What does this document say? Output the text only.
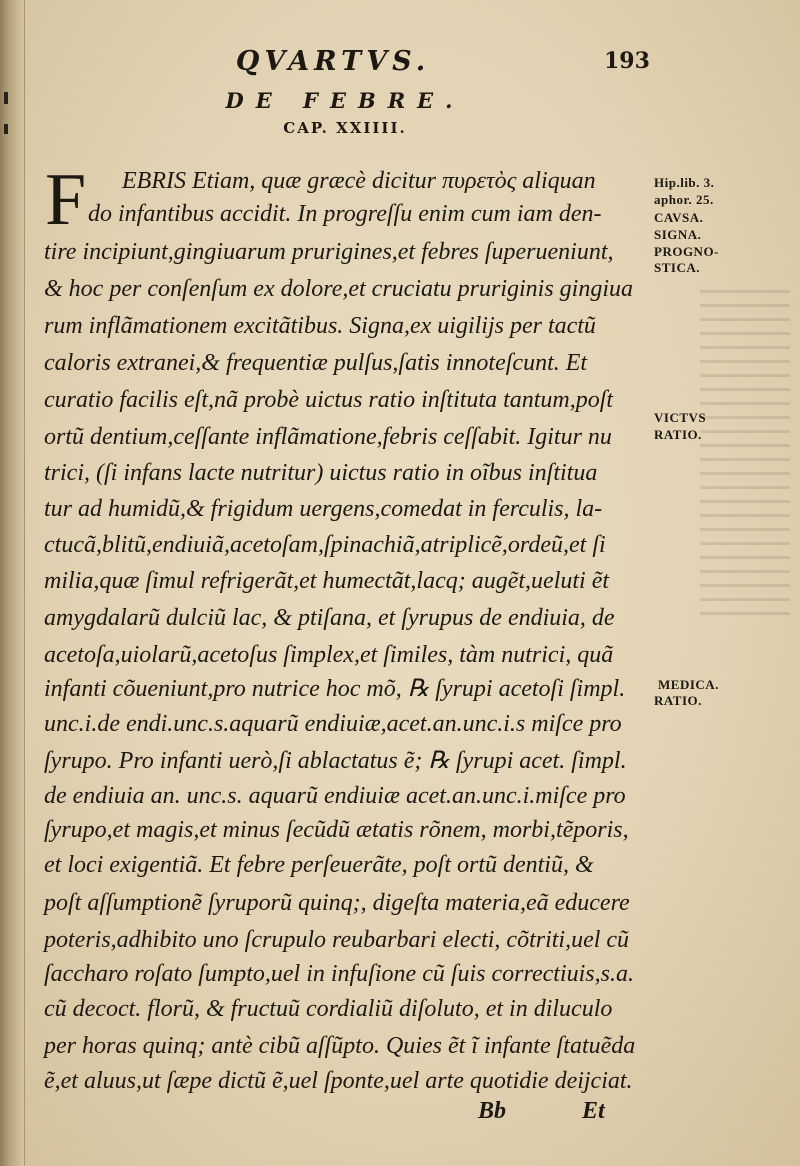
QVARTVS.	193
DE FEBRE.
CAP. XXIIII.
F EBRIS Etiam, quæ græcè dicitur πυρετὸς aliquan
do infantibus accidit. In progreſſu enim cum iam den-
tire incipiunt,gingiuarum prurigines,et febres ſuperueniunt,
& hoc per conſenſum ex dolore,et cruciatu pruriginis gingiua
rum inflãmationem excitãtibus. Signa,ex uigilijs per tactũ
caloris extranei,& frequentiæ pulſus,ſatis innoteſcunt. Et
curatio facilis eſt,nã probè uictus ratio inſtituta tantum,poſt
ortũ dentium,ceſſante inflãmatione,febris ceſſabit. Igitur nu
trici, (ſi infans lacte nutritur) uictus ratio in oĩbus inſtitua
tur ad humidũ,& frigidum uergens,comedat in ferculis, la-
ctucã,blitũ,endiuiã,acetoſam,ſpinachiã,atriplicẽ,ordeũ,et ſi
milia,quæ ſimul refrigerãt,et humectãt,lacq; augẽt,ueluti ẽt
amygdalarũ dulciũ lac, & ptiſana, et ſyrupus de endiuia, de
acetoſa,uiolarũ,acetoſus ſimplex,et ſimiles, tàm nutrici, quã
infanti cõueniunt,pro nutrice hoc mõ, ℞ ſyrupi acetoſi ſimpl.
unc.i.de endi.unc.s.aquarũ endiuiæ,acet.an.unc.i.s miſce pro
ſyrupo. Pro infanti uerò,ſi ablactatus ẽ; ℞ ſyrupi acet. ſimpl.
de endiuia an. unc.s. aquarũ endiuiæ acet.an.unc.i.miſce pro
ſyrupo,et magis,et minus ſecũdũ ætatis rõnem, morbi,tẽporis,
et loci exigentiã. Et febre perſeuerãte, poſt ortũ dentiũ, &
poſt aſſumptionẽ ſyruporũ quinq;, digeſta materia,eã educere
poteris,adhibito uno ſcrupulo reubarbari electi, cõtriti,uel cũ
ſaccharo roſato ſumpto,uel in infuſione cũ ſuis correctiuis,s.a.
cũ decoct. florũ, & fructuũ cordialiũ diſoluto, et in diluculo
per horas quinq; antè cibũ aſſũpto. Quies ẽt ĩ infante ſtatuẽda
ẽ,et aluus,ut ſæpe dictũ ẽ,uel ſponte,uel arte quotidie deijciat.
Hip.lib. 3.
aphor. 25.
CAVSA.
SIGNA.
PROGNO-
STICA.
VICTVS
RATIO.
MEDICA.
RATIO.
Bb	Et
